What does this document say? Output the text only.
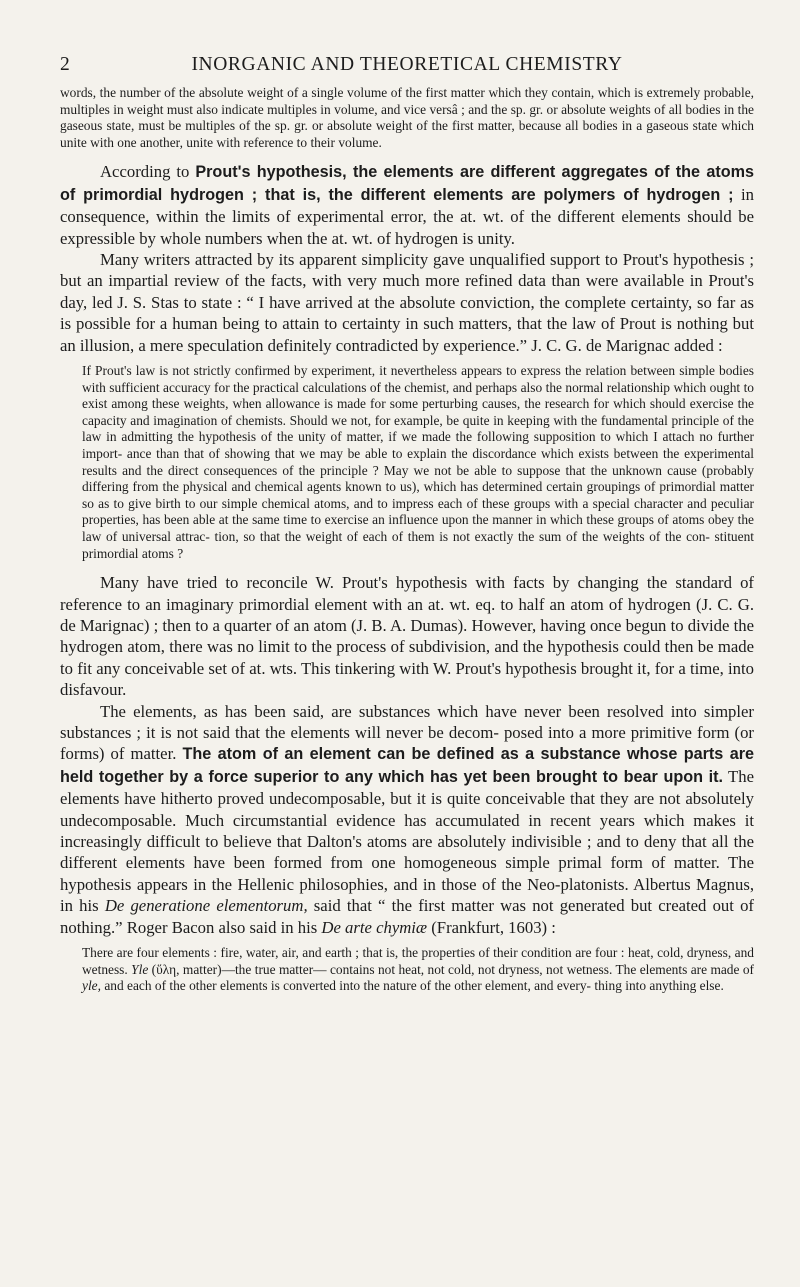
2	INORGANIC AND THEORETICAL CHEMISTRY

words, the number of the absolute weight of a single volume of the first matter which they contain, which is extremely probable, multiples in weight must also indicate multiples in volume, and vice versâ ; and the sp. gr. or absolute weights of all bodies in the gaseous state, must be multiples of the sp. gr. or absolute weight of the first matter, because all bodies in a gaseous state which unite with one another, unite with reference to their volume.

According to Prout's hypothesis, the elements are different aggregates of the atoms of primordial hydrogen ; that is, the different elements are polymers of hydrogen ; in consequence, within the limits of experimental error, the at. wt. of the different elements should be expressible by whole numbers when the at. wt. of hydrogen is unity.

Many writers attracted by its apparent simplicity gave unqualified support to Prout's hypothesis ; but an impartial review of the facts, with very much more refined data than were available in Prout's day, led J. S. Stas to state : “ I have arrived at the absolute conviction, the complete certainty, so far as is possible for a human being to attain to certainty in such matters, that the law of Prout is nothing but an illusion, a mere speculation definitely contradicted by experience.” J. C. G. de Marignac added :

If Prout's law is not strictly confirmed by experiment, it nevertheless appears to express the relation between simple bodies with sufficient accuracy for the practical calculations of the chemist, and perhaps also the normal relationship which ought to exist among these weights, when allowance is made for some perturbing causes, the research for which should exercise the capacity and imagination of chemists. Should we not, for example, be quite in keeping with the fundamental principle of the law in admitting the hypothesis of the unity of matter, if we made the following supposition to which I attach no further import- ance than that of showing that we may be able to explain the discordance which exists between the experimental results and the direct consequences of the principle ? May we not be able to suppose that the unknown cause (probably differing from the physical and chemical agents known to us), which has determined certain groupings of primordial matter so as to give birth to our simple chemical atoms, and to impress each of these groups with a special character and peculiar properties, has been able at the same time to exercise an influence upon the manner in which these groups of atoms obey the law of universal attrac- tion, so that the weight of each of them is not exactly the sum of the weights of the con- stituent primordial atoms ?

Many have tried to reconcile W. Prout's hypothesis with facts by changing the standard of reference to an imaginary primordial element with an at. wt. eq. to half an atom of hydrogen (J. C. G. de Marignac) ; then to a quarter of an atom (J. B. A. Dumas). However, having once begun to divide the hydrogen atom, there was no limit to the process of subdivision, and the hypothesis could then be made to fit any conceivable set of at. wts. This tinkering with W. Prout's hypothesis brought it, for a time, into disfavour.

The elements, as has been said, are substances which have never been resolved into simpler substances ; it is not said that the elements will never be decom- posed into a more primitive form (or forms) of matter. The atom of an element can be defined as a substance whose parts are held together by a force superior to any which has yet been brought to bear upon it. The elements have hitherto proved undecomposable, but it is quite conceivable that they are not absolutely undecomposable. Much circumstantial evidence has accumulated in recent years which makes it increasingly difficult to believe that Dalton's atoms are absolutely indivisible ; and to deny that all the different elements have been formed from one homogeneous simple primal form of matter. The hypothesis appears in the Hellenic philosophies, and in those of the Neo-platonists. Albertus Magnus, in his De generatione elementorum, said that “ the first matter was not generated but created out of nothing.” Roger Bacon also said in his De arte chymiæ (Frankfurt, 1603) :

There are four elements : fire, water, air, and earth ; that is, the properties of their condition are four : heat, cold, dryness, and wetness. Yle (ὕλη, matter)—the true matter— contains not heat, not cold, not dryness, not wetness. The elements are made of yle, and each of the other elements is converted into the nature of the other element, and every- thing into anything else.
